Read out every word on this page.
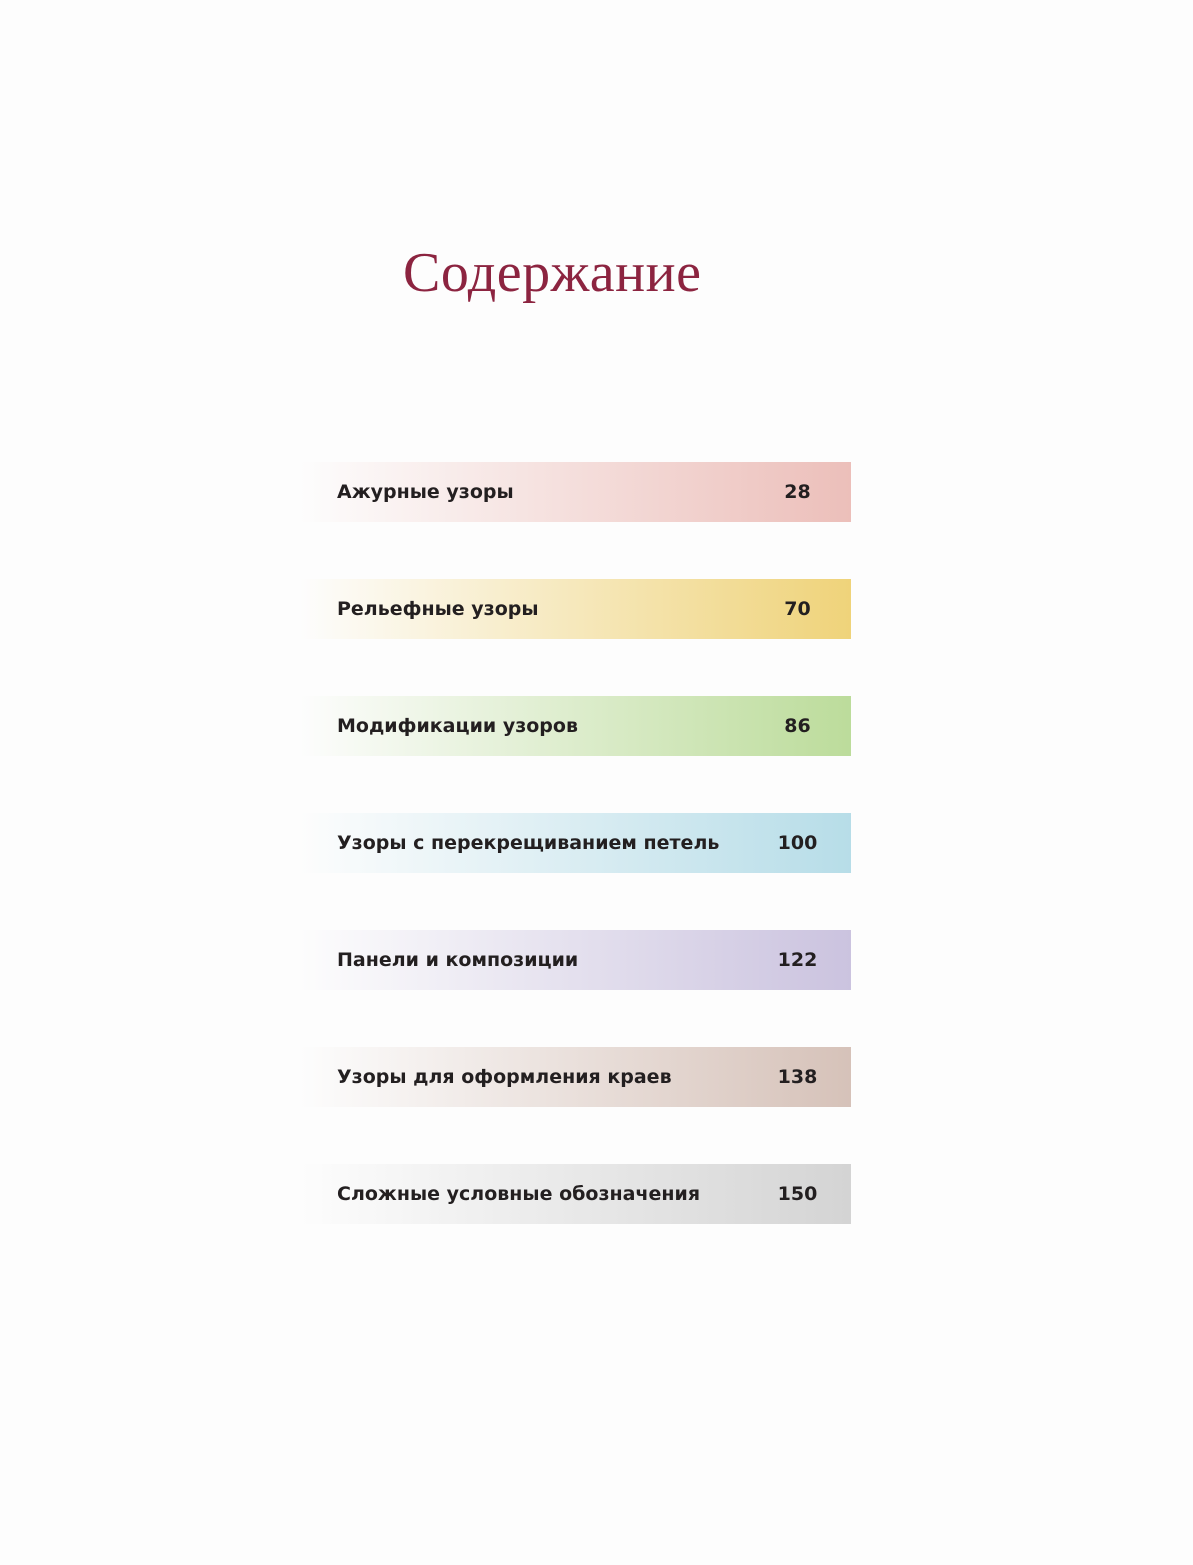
Содержание
Ажурные узоры	28
Рельефные узоры	70
Модификации узоров	86
Узоры с перекрещиванием петель	100
Панели и композиции	122
Узоры для оформления краев	138
Сложные условные обозначения	150
